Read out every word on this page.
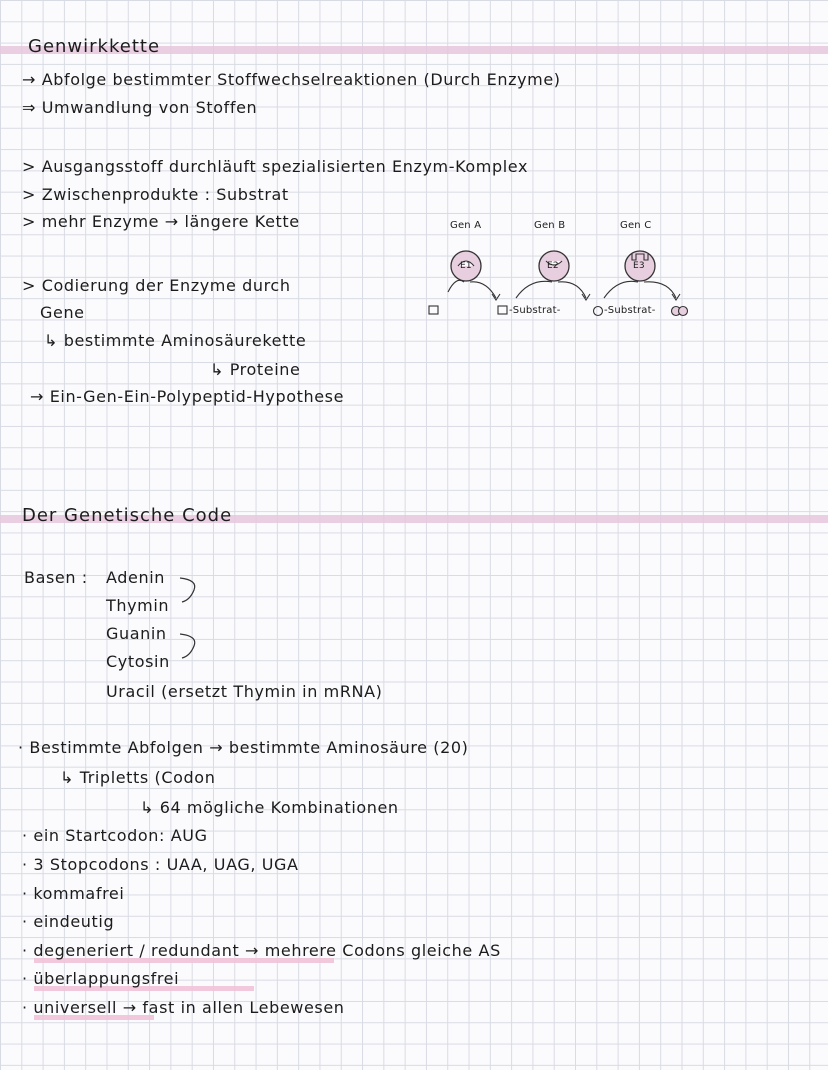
Genwirkkette
→ Abfolge bestimmter Stoffwechselreaktionen (Durch Enzyme)
⇒ Umwandlung von Stoffen
> Ausgangsstoff durchläuft spezialisierten Enzym-Komplex
> Zwischenprodukte : Substrat
> mehr Enzyme → längere Kette
> Codierung der Enzyme durch
Gene
↳ bestimmte Aminosäurekette
↳ Proteine
→ Ein-Gen-Ein-Polypeptid-Hypothese
Gen A	Gen B	Gen C
E1	E2	E3
-Substrat-	-Substrat-
Der Genetische Code
Basen : Adenin
Thymin
Guanin
Cytosin
Uracil (ersetzt Thymin in mRNA)
· Bestimmte Abfolgen → bestimmte Aminosäure (20)
↳ Tripletts (Codon
↳ 64 mögliche Kombinationen
· ein Startcodon: AUG
· 3 Stopcodons : UAA, UAG, UGA
· kommafrei
· eindeutig
· degeneriert / redundant → mehrere Codons gleiche AS
· überlappungsfrei
· universell → fast in allen Lebewesen
